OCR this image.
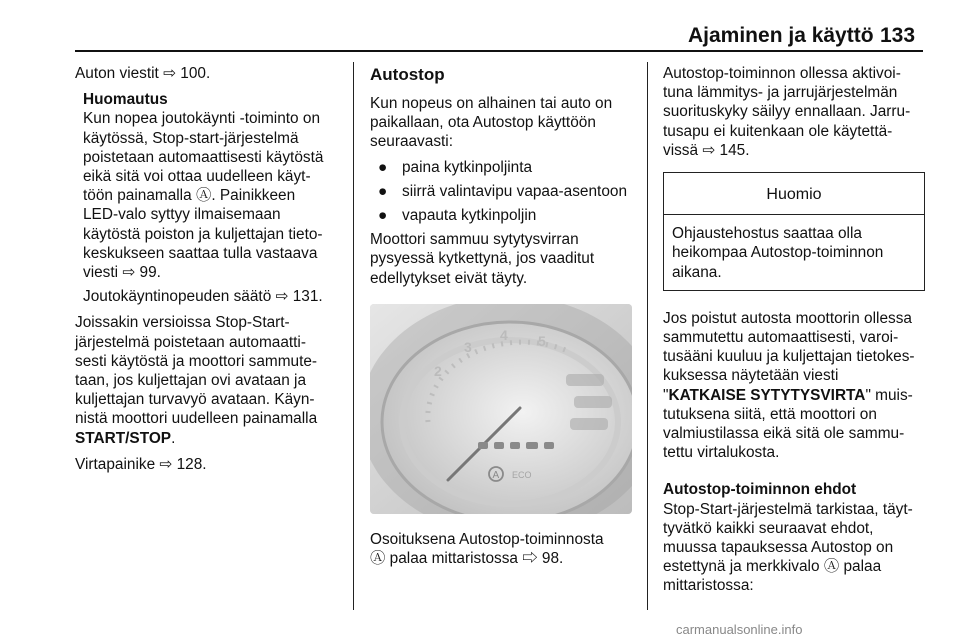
Ajaminen ja käyttö 133
Auton viestit ⇨ 100.
Huomautus
Kun nopea joutokäynti -toiminto on
käytössä, Stop-start-järjestelmä
poistetaan automaattisesti käytöstä
eikä sitä voi ottaa uudelleen käyt-
töön painamalla Ⓐ. Painikkeen
LED-valo syttyy ilmaisemaan
käytöstä poiston ja kuljettajan tieto-
keskukseen saattaa tulla vastaava
viesti ⇨ 99.
Joutokäyntinopeuden säätö ⇨ 131.
Joissakin versioissa Stop-Start-
järjestelmä poistetaan automaatti-
sesti käytöstä ja moottori sammute-
taan, jos kuljettajan ovi avataan ja
kuljettajan turvavyö avataan. Käyn-
nistä moottori uudelleen painamalla
START/STOP.
Virtapainike ⇨ 128.
Autostop
Kun nopeus on alhainen tai auto on
paikallaan, ota Autostop käyttöön
seuraavasti:
● paina kytkinpoljinta
● siirrä valintavipu vapaa-asentoon
● vapauta kytkinpoljin
Moottori sammuu sytytysvirran
pysyessä kytkettynä, jos vaaditut
edellytykset eivät täyty.
4 5
3
2
A ECO
Osoituksena Autostop-toiminnosta
Ⓐ palaa mittaristossa ⇨ 98.
Autostop-toiminnon ollessa aktivoi-
tuna lämmitys- ja jarrujärjestelmän
suorituskyky säilyy ennallaan. Jarru-
tusapu ei kuitenkaan ole käytettä-
vissä ⇨ 145.
Huomio
Ohjaustehostus saattaa olla
heikompaa Autostop-toiminnon
aikana.
Jos poistut autosta moottorin ollessa
sammutettu automaattisesti, varoi-
tusääni kuuluu ja kuljettajan tietokes-
kuksessa näytetään viesti
"KATKAISE SYTYTYSVIRTA" muis-
tutuksena siitä, että moottori on
valmiustilassa eikä sitä ole sammu-
tettu virtalukosta.
Autostop-toiminnon ehdot
Stop-Start-järjestelmä tarkistaa, täyt-
tyvätkö kaikki seuraavat ehdot,
muussa tapauksessa Autostop on
estettynä ja merkkivalo Ⓐ palaa
mittaristossa:
carmanualsonline.info
